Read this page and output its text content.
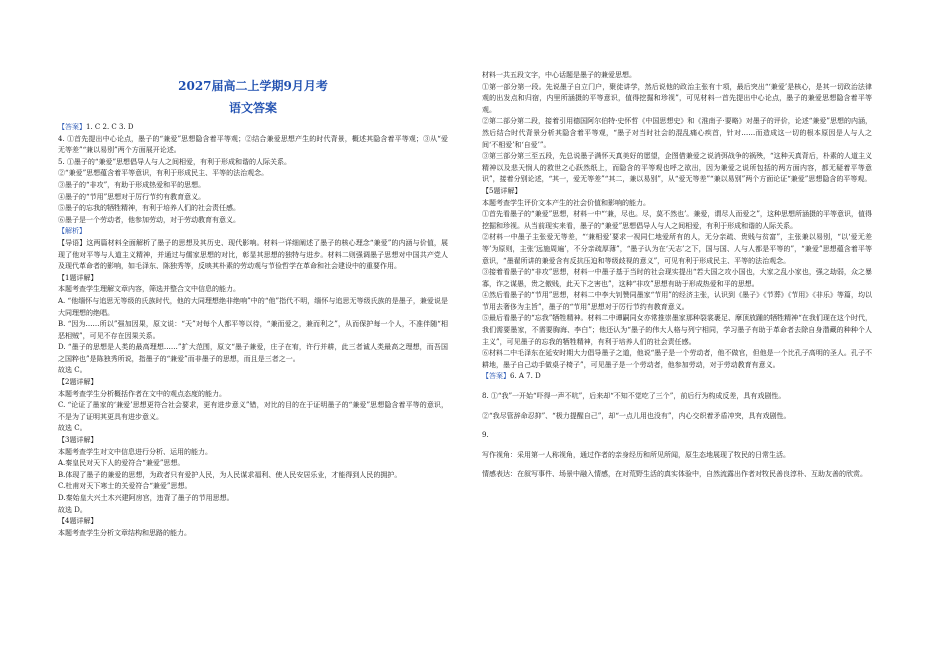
2027届高二上学期9月月考
语文答案

【答案】1. C 2. C 3. D

4. ①首先提出中心论点，墨子的“兼爱”思想隐含着平等观；②结合兼爱思想产生的时代背景，概述其隐含着平等观；③从“爱无等差”“兼以易别”两个方面展开论述。

5. ①墨子的“兼爱”思想倡导人与人之间相爱，有利于形成和谐的人际关系。

②“兼爱”思想蕴含着平等意识，有利于形成民主、平等的法治观念。

③墨子的“非攻”，有助于形成热爱和平的思想。

④墨子的“节用”思想对于厉行节约有教育意义。

⑤墨子的忘我的牺牲精神，有利于培养人们的社会责任感。

⑥墨子是一个劳动者，他参加劳动，对于劳动教育有意义。

【解析】

【导语】这两篇材料全面解析了墨子的思想及其历史、现代影响。材料一详细阐述了墨子的核心理念“兼爱”的内涵与价值，展现了他对平等与人道主义精神，并通过与儒家思想的对比，彰显其思想的独特与进步。材料二则强调墨子思想对中国共产党人及现代革命者的影响，如毛泽东、陈独秀等，反映其朴素的劳动观与节俭哲学在革命和社会建设中的重要作用。

【1题详解】

本题考查学生理解文章内容，筛选并整合文中信息的能力。

A. “他缅怀与追思无等级的氏族时代，他的大同理想绝非绝响”中的“他”指代不明，缅怀与追思无等级氏族的是墨子，兼爱说是大同理想的绝唱。

B. “因为……所以”强加因果，原文说：“天”对每个人都平等以待，“兼而爱之，兼而利之”，从而保护每一个人，不准伴随“相恶相贼”，可见不存在因果关系。

D. “墨子的思想是人类的最高理想……”扩大范围，原文“墨子兼爱，庄子在宥，许行并耕，此三者诚人类最高之理想，而吾国之国粹也”是陈独秀所说，指墨子的“兼爱”而非墨子的思想，而且是三者之一。

故选 C。

【2题详解】

本题考查学生分析概括作者在文中的观点态度的能力。

C. “论证了墨家的‘兼爱’思想更符合社会要求，更有进步意义”错，对比的目的在于证明墨子的“兼爱”思想隐含着平等的意识，不是为了证明其更具有进步意义。

故选 C。

【3题详解】

本题考查学生对文中信息进行分析、运用的能力。

A.秦皇民对天下人的爱符合“兼爱”思想。

B.体现了墨子的兼爱的思想，为政者只有爱护人民，为人民谋求福利、使人民安居乐业，才能得到人民的拥护。

C.杜甫对天下寒士的关爱符合“兼爱”思想。

D.秦始皇大兴土木兴建阿房宫，违背了墨子的节用思想。

故选 D。

【4题详解】

本题考查学生分析文章结构和思路的能力。

材料一共五段文字，中心话题是墨子的兼爱思想。

①第一部分第一段。先说墨子自立门户，聚徒讲学，然后说他的政治主张有十项，最后突出“‘兼爱’是核心，是其一切政治法律观的出发点和归宿，内里所涵摄的平等意识，值得挖掘和珍视”，可见材料一首先提出中心论点，墨子的兼爱思想隐含着平等观。

②第二部分第二段，接着引用德国阿尔伯特·史怀哲《中国思想史》和《淮南子·要略》对墨子的评价，论述“兼爱”思想的内涵，然后结合时代背景分析其隐含着平等观，“墨子对当时社会的混乱痛心疾首，针对……而造成这一切的根本原因是人与人之间‘不相爱’和‘自爱’”。

③第三部分第三至五段，先总说墨子满怀天真美好的愿望，企图借兼爱之说消弭战争的祸殃，“这种天真背后，朴素的人道主义精神以及悲天悯人的救世之心跃然纸上，而隐含的平等观也呼之欲出，因为兼爱之说所包括的两方面内容，都无疑着平等意识”，接着分别论述，“其一，爱无等差”“其二，兼以易别”，从“爱无等差”“兼以易别”两个方面论证“兼爱”思想隐含的平等观。

【5题详解】

本题考查学生评价文本产生的社会价值和影响的能力。

①首先看墨子的“兼爱”思想，材料一中“‘兼，尽也。尽，莫不然也’。兼爱，谓尽人而爱之”，这种思想所涵摄的平等意识，值得挖掘和珍视。从当前现实来看，墨子的“兼爱”思想倡导人与人之间相爱，有利于形成和谐的人际关系。

②材料一中墨子主张爱无等差，“‘兼相爱’要求一视同仁地爱所有的人，无分亲疏、贵贱与贫富”，主张兼以易别，“以‘爱无差等’为原则，主张‘远施周遍’，不分亲疏厚薄”，“墨子认为在‘天志’之下，国与国、人与人都是平等的”，“兼爱”思想蕴含着平等意识，“墨翟所讲的兼爱含有反抗压迫和等级歧视的意义”，可见有利于形成民主、平等的法治观念。

③接着看墨子的“非攻”思想，材料一中墨子基于当时的社会现实提出“若大国之攻小国也，大家之乱小家也，强之劫弱，众之暴寡，诈之谋愚，贵之傲贱，此天下之害也”，这种“非攻”思想有助于形成热爱和平的思想。

④然后看墨子的“节用”思想，材料二中李大钊赞同墨家“节用”的经济主张，认识到《墨子》《节葬》《节用》《非乐》等篇，均以节用去奢侈为主旨”，墨子的“节用”思想对于厉行节约有教育意义。

⑤最后看墨子的“忘我”牺牲精神。材料二中谭嗣同女亦常推崇墨家那种裂裳裹足、摩顶放踵的牺牲精神“在我们现在这个时代，我们需要墨家，不需要胸海、李白”；他还认为“墨子的伟大人格与列宁相同，学习墨子有助于革命者去除自身潜藏的种种个人主义”，可见墨子的忘我的牺牲精神，有利于培养人们的社会责任感。

⑥材料二中毛泽东在延安时期大力倡导墨子之道，他说“墨子是一个劳动者，他不做官，但他是一个比孔子高明的圣人。孔子不耕地，墨子自己动手做桌子椅子”，可见墨子是一个劳动者，他参加劳动，对于劳动教育有意义。

【答案】6. A 7. D

8. ①“我”一开始“吓得一声不吭”，后来却“不知不觉吃了三个”，前后行为构成反差，具有戏剧性。

②“我尽管辞命忍抑”、“极力提醒自己”，却“一点儿用也没有”，内心交织着矛盾冲突，具有戏剧性。

9.

写作视角：采用第一人称视角，通过作者的亲身经历和所见所闻，原生态地展现了牧民的日常生活。

情感表达：在叙写事件、场景中融入情感，在对荒野生活的真实体验中，自然流露出作者对牧民善良淳朴、互助友善的欣赏。
